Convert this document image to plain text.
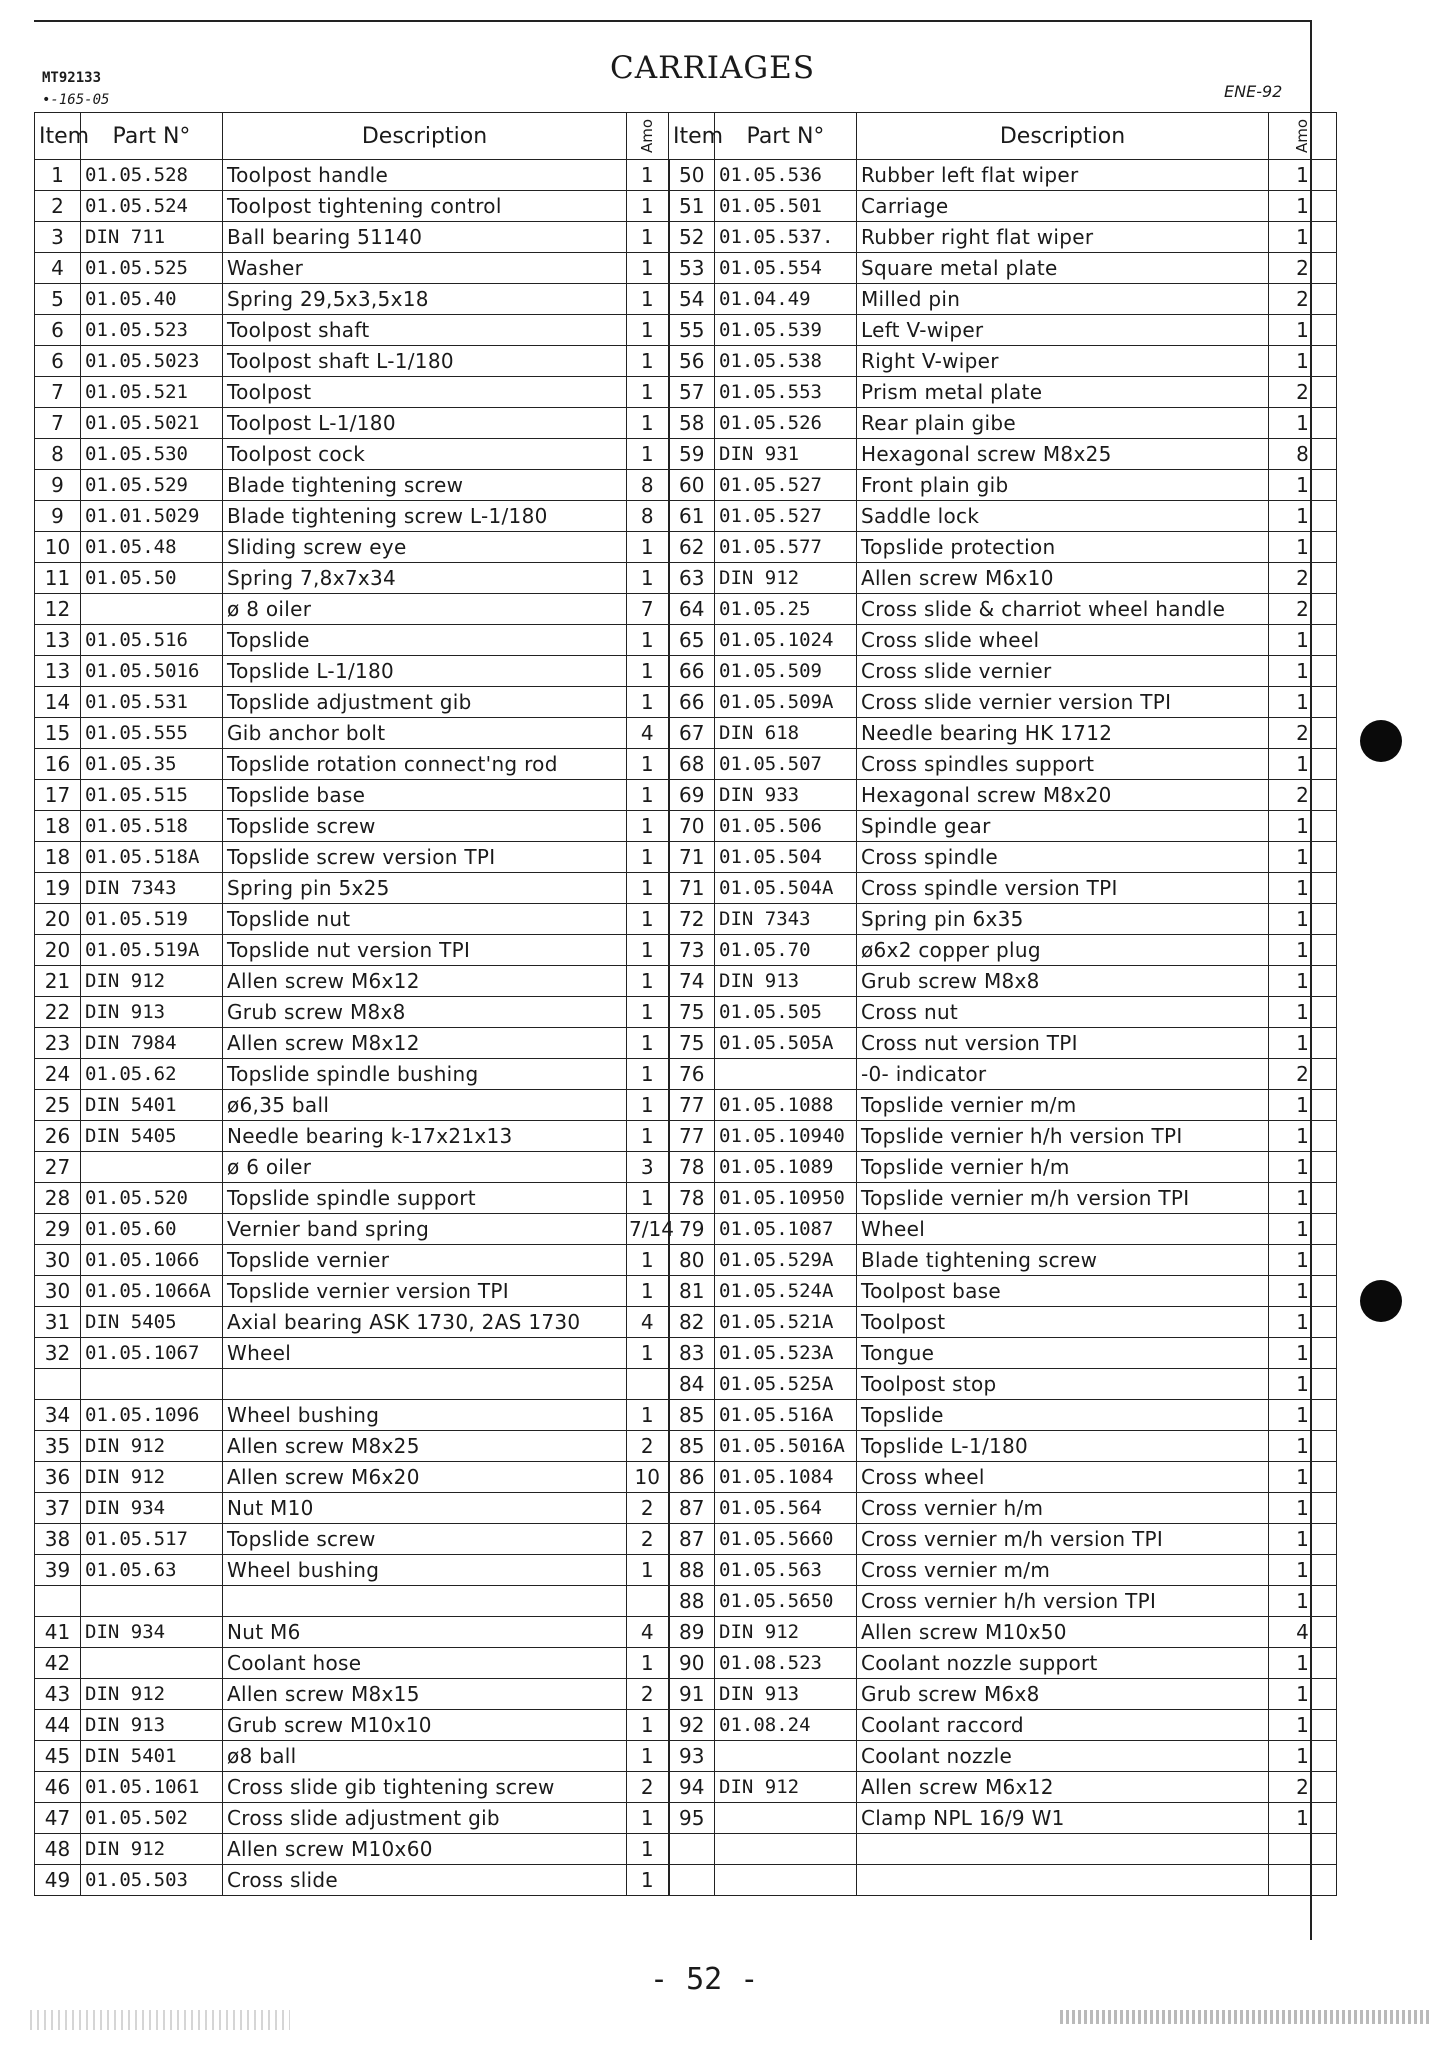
MT92133
•-165-05
CARRIAGES
ENE-92
Item	Part N°	Description	Amo	Item	Part N°	Description	Amo
1	01.05.528	Toolpost handle	1	50	01.05.536	Rubber left flat wiper	1
2	01.05.524	Toolpost tightening control	1	51	01.05.501	Carriage	1
3	DIN 711	Ball bearing 51140	1	52	01.05.537.	Rubber right flat wiper	1
4	01.05.525	Washer	1	53	01.05.554	Square metal plate	2
5	01.05.40	Spring 29,5x3,5x18	1	54	01.04.49	Milled pin	2
6	01.05.523	Toolpost shaft	1	55	01.05.539	Left V-wiper	1
6	01.05.5023	Toolpost shaft L-1/180	1	56	01.05.538	Right V-wiper	1
7	01.05.521	Toolpost	1	57	01.05.553	Prism metal plate	2
7	01.05.5021	Toolpost L-1/180	1	58	01.05.526	Rear plain gibe	1
8	01.05.530	Toolpost cock	1	59	DIN 931	Hexagonal screw M8x25	8
9	01.05.529	Blade tightening screw	8	60	01.05.527	Front plain gib	1
9	01.01.5029	Blade tightening screw L-1/180	8	61	01.05.527	Saddle lock	1
10	01.05.48	Sliding screw eye	1	62	01.05.577	Topslide protection	1
11	01.05.50	Spring 7,8x7x34	1	63	DIN 912	Allen screw M6x10	2
12		ø 8 oiler	7	64	01.05.25	Cross slide & charriot wheel handle	2
13	01.05.516	Topslide	1	65	01.05.1024	Cross slide wheel	1
13	01.05.5016	Topslide L-1/180	1	66	01.05.509	Cross slide vernier	1
14	01.05.531	Topslide adjustment gib	1	66	01.05.509A	Cross slide vernier version TPI	1
15	01.05.555	Gib anchor bolt	4	67	DIN 618	Needle bearing HK 1712	2
16	01.05.35	Topslide rotation connect'ng rod	1	68	01.05.507	Cross spindles support	1
17	01.05.515	Topslide base	1	69	DIN 933	Hexagonal screw M8x20	2
18	01.05.518	Topslide screw	1	70	01.05.506	Spindle gear	1
18	01.05.518A	Topslide screw version TPI	1	71	01.05.504	Cross spindle	1
19	DIN 7343	Spring pin 5x25	1	71	01.05.504A	Cross spindle version TPI	1
20	01.05.519	Topslide nut	1	72	DIN 7343	Spring pin 6x35	1
20	01.05.519A	Topslide nut version TPI	1	73	01.05.70	ø6x2 copper plug	1
21	DIN 912	Allen screw M6x12	1	74	DIN 913	Grub screw M8x8	1
22	DIN 913	Grub screw M8x8	1	75	01.05.505	Cross nut	1
23	DIN 7984	Allen screw M8x12	1	75	01.05.505A	Cross nut version TPI	1
24	01.05.62	Topslide spindle bushing	1	76		-0- indicator	2
25	DIN 5401	ø6,35 ball	1	77	01.05.1088	Topslide vernier m/m	1
26	DIN 5405	Needle bearing k-17x21x13	1	77	01.05.10940	Topslide vernier h/h version TPI	1
27		ø 6 oiler	3	78	01.05.1089	Topslide vernier h/m	1
28	01.05.520	Topslide spindle support	1	78	01.05.10950	Topslide vernier m/h version TPI	1
29	01.05.60	Vernier band spring	7/14	79	01.05.1087	Wheel	1
30	01.05.1066	Topslide vernier	1	80	01.05.529A	Blade tightening screw	1
30	01.05.1066A	Topslide vernier version TPI	1	81	01.05.524A	Toolpost base	1
31	DIN 5405	Axial bearing ASK 1730, 2AS 1730	4	82	01.05.521A	Toolpost	1
32	01.05.1067	Wheel	1	83	01.05.523A	Tongue	1
				84	01.05.525A	Toolpost stop	1
34	01.05.1096	Wheel bushing	1	85	01.05.516A	Topslide	1
35	DIN 912	Allen screw M8x25	2	85	01.05.5016A	Topslide L-1/180	1
36	DIN 912	Allen screw M6x20	10	86	01.05.1084	Cross wheel	1
37	DIN 934	Nut M10	2	87	01.05.564	Cross vernier h/m	1
38	01.05.517	Topslide screw	2	87	01.05.5660	Cross vernier m/h version TPI	1
39	01.05.63	Wheel bushing	1	88	01.05.563	Cross vernier m/m	1
				88	01.05.5650	Cross vernier h/h version TPI	1
41	DIN 934	Nut M6	4	89	DIN 912	Allen screw M10x50	4
42		Coolant hose	1	90	01.08.523	Coolant nozzle support	1
43	DIN 912	Allen screw M8x15	2	91	DIN 913	Grub screw M6x8	1
44	DIN 913	Grub screw M10x10	1	92	01.08.24	Coolant raccord	1
45	DIN 5401	ø8 ball	1	93		Coolant nozzle	1
46	01.05.1061	Cross slide gib tightening screw	2	94	DIN 912	Allen screw M6x12	2
47	01.05.502	Cross slide adjustment gib	1	95		Clamp NPL 16/9 W1	1
48	DIN 912	Allen screw M10x60	1				
49	01.05.503	Cross slide	1				
- 52 -
